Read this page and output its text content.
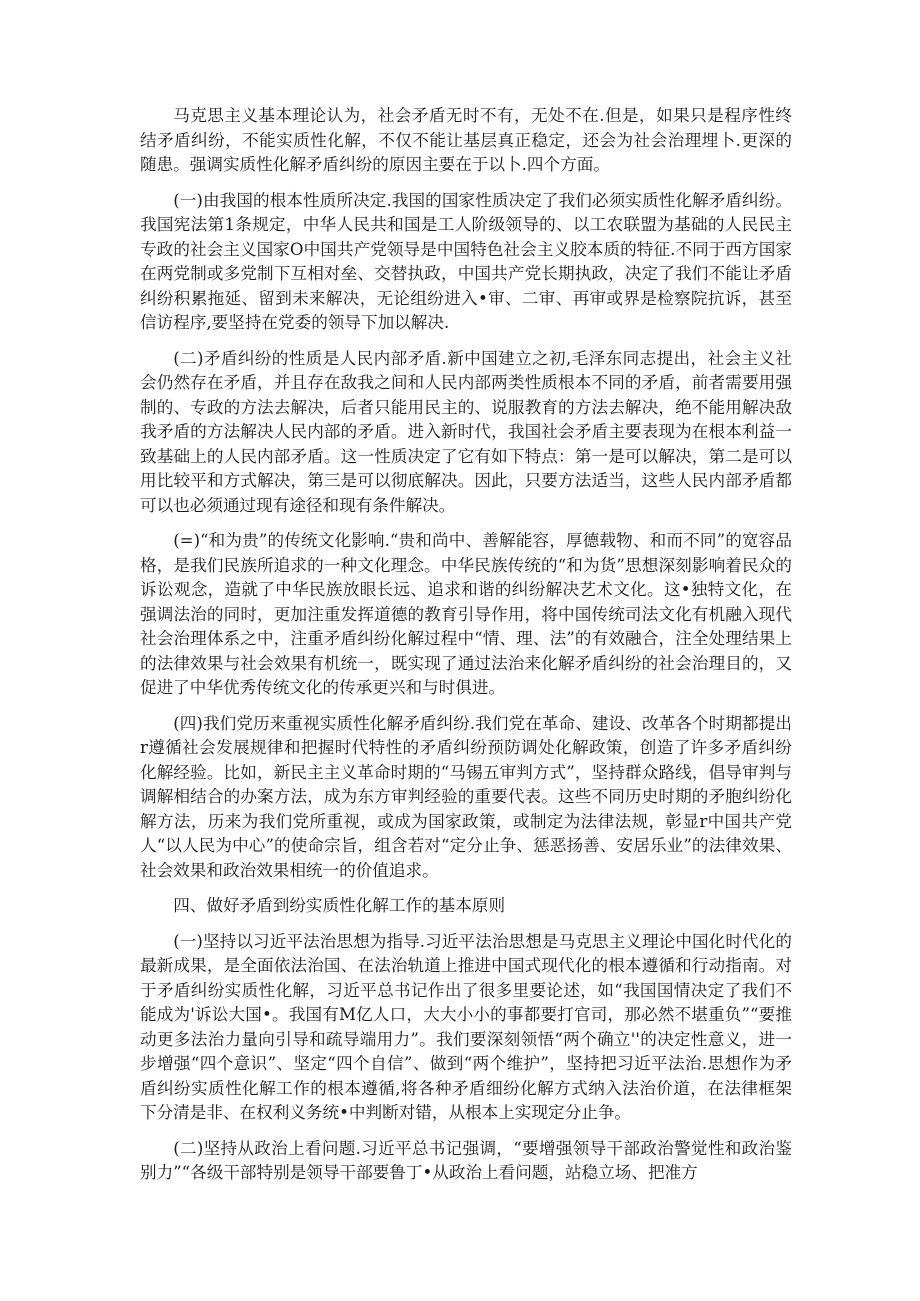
马克思主义基本理论认为，社会矛盾无时不有，无处不在.但是，如果只是程序性终结矛盾纠纷，不能实质性化解，不仅不能让基层真正稳定，还会为社会治理埋卜.更深的随患。强调实质性化解矛盾纠纷的原因主要在于以卜.四个方面。

(一)由我国的根本性质所决定.我国的国家性质决定了我们必须实质性化解矛盾纠纷。我国宪法第1条规定，中华人民共和国是工人阶级领导的、以工农联盟为基础的人民民主专政的社会主义国家O中国共产党领导是中国特色社会主义胶本质的特征.不同于西方国家在两党制或多党制下互相对垒、交替执政，中国共产党长期执政，决定了我们不能让矛盾纠纷积累拖延、留到未来解决，无论组纷进入•审、二审、再审或界是检察院抗诉，甚至信访程序,要坚持在党委的领导下加以解决.

(二)矛盾纠纷的性质是人民内部矛盾.新中国建立之初,毛泽东同志提出，社会主义社会仍然存在矛盾，并且存在敌我之间和人民内部两类性质根本不同的矛盾，前者需要用强制的、专政的方法去解决，后者只能用民主的、说服教育的方法去解决，绝不能用解决敌我矛盾的方法解决人民内部的矛盾。进入新时代，我国社会矛盾主要表现为在根本利益一致基础上的人民内部矛盾。这一性质决定了它有如下特点：第一是可以解决，第二是可以用比较平和方式解决，第三是可以彻底解决。因此，只要方法适当，这些人民内部矛盾都可以也必须通过现有途径和现有条件解决。

(=)“和为贵”的传统文化影响.“贵和尚中、善解能容，厚德载物、和而不同”的宽容品格，是我们民族所追求的一种文化理念。中华民族传统的“和为货”思想深刻影响着民众的诉讼观念，造就了中华民族放眼长远、追求和谐的纠纷解决艺术文化。这•独特文化，在强调法治的同时，更加注重发挥道德的教育引导作用，将中国传统司法文化有机融入现代社会治理体系之中，注重矛盾纠纷化解过程中“情、理、法”的有效融合，注全处理结果上的法律效果与社会效果有机统一，既实现了通过法治来化解矛盾纠纷的社会治理目的，又促进了中华优秀传统文化的传承更兴和与时俱进。

(四)我们党历来重视实质性化解矛盾纠纷.我们党在革命、建设、改革各个时期都提出r遵循社会发展规律和把握时代特性的矛盾纠纷预防调处化解政策，创造了许多矛盾纠纷化解经验。比如，新民主主义革命时期的“马锡五审判方式”，坚持群众路线，倡导审判与调解相结合的办案方法，成为东方审判经验的重要代表。这些不同历史时期的矛胞纠纷化解方法，历来为我们党所重视，或成为国家政策，或制定为法律法规，彰显r中国共产党人“以人民为中心”的使命宗旨，组含若对“定分止争、惩恶扬善、安居乐业”的法律效果、社会效果和政治效果相统一的价值追求。

四、做好矛盾到纷实质性化解工作的基本原则

(一)坚持以习近平法治思想为指导.习近平法治思想是马克思主义理论中国化时代化的最新成果，是全面依法治国、在法治轨道上推进中国式现代化的根本遵循和行动指南。对于矛盾纠纷实质性化解，习近平总书记作出了很多里要论述，如“我国国情决定了我们不能成为'诉讼大国•。我国有M亿人口，大大小小的事都要打官司，那必然不堪重负”“要推动更多法治力量向引导和疏导端用力”。我们要深刻领悟“两个确立''的决定性意义，进一步增强“四个意识”、坚定“四个自信”、做到“两个维护”，坚持把习近平法治.思想作为矛盾纠纷实质性化解工作的根本遵循,将各种矛盾细纷化解方式纳入法治价道，在法律框架下分清是非、在权利义务统•中判断对错，从根本上实现定分止争。

(二)坚持从政治上看问题.习近平总书记强调，“要增强领导干部政治警觉性和政治鉴别力”“各级干部特别是领导干部要鲁丁•从政治上看问题，站稳立场、把准方
